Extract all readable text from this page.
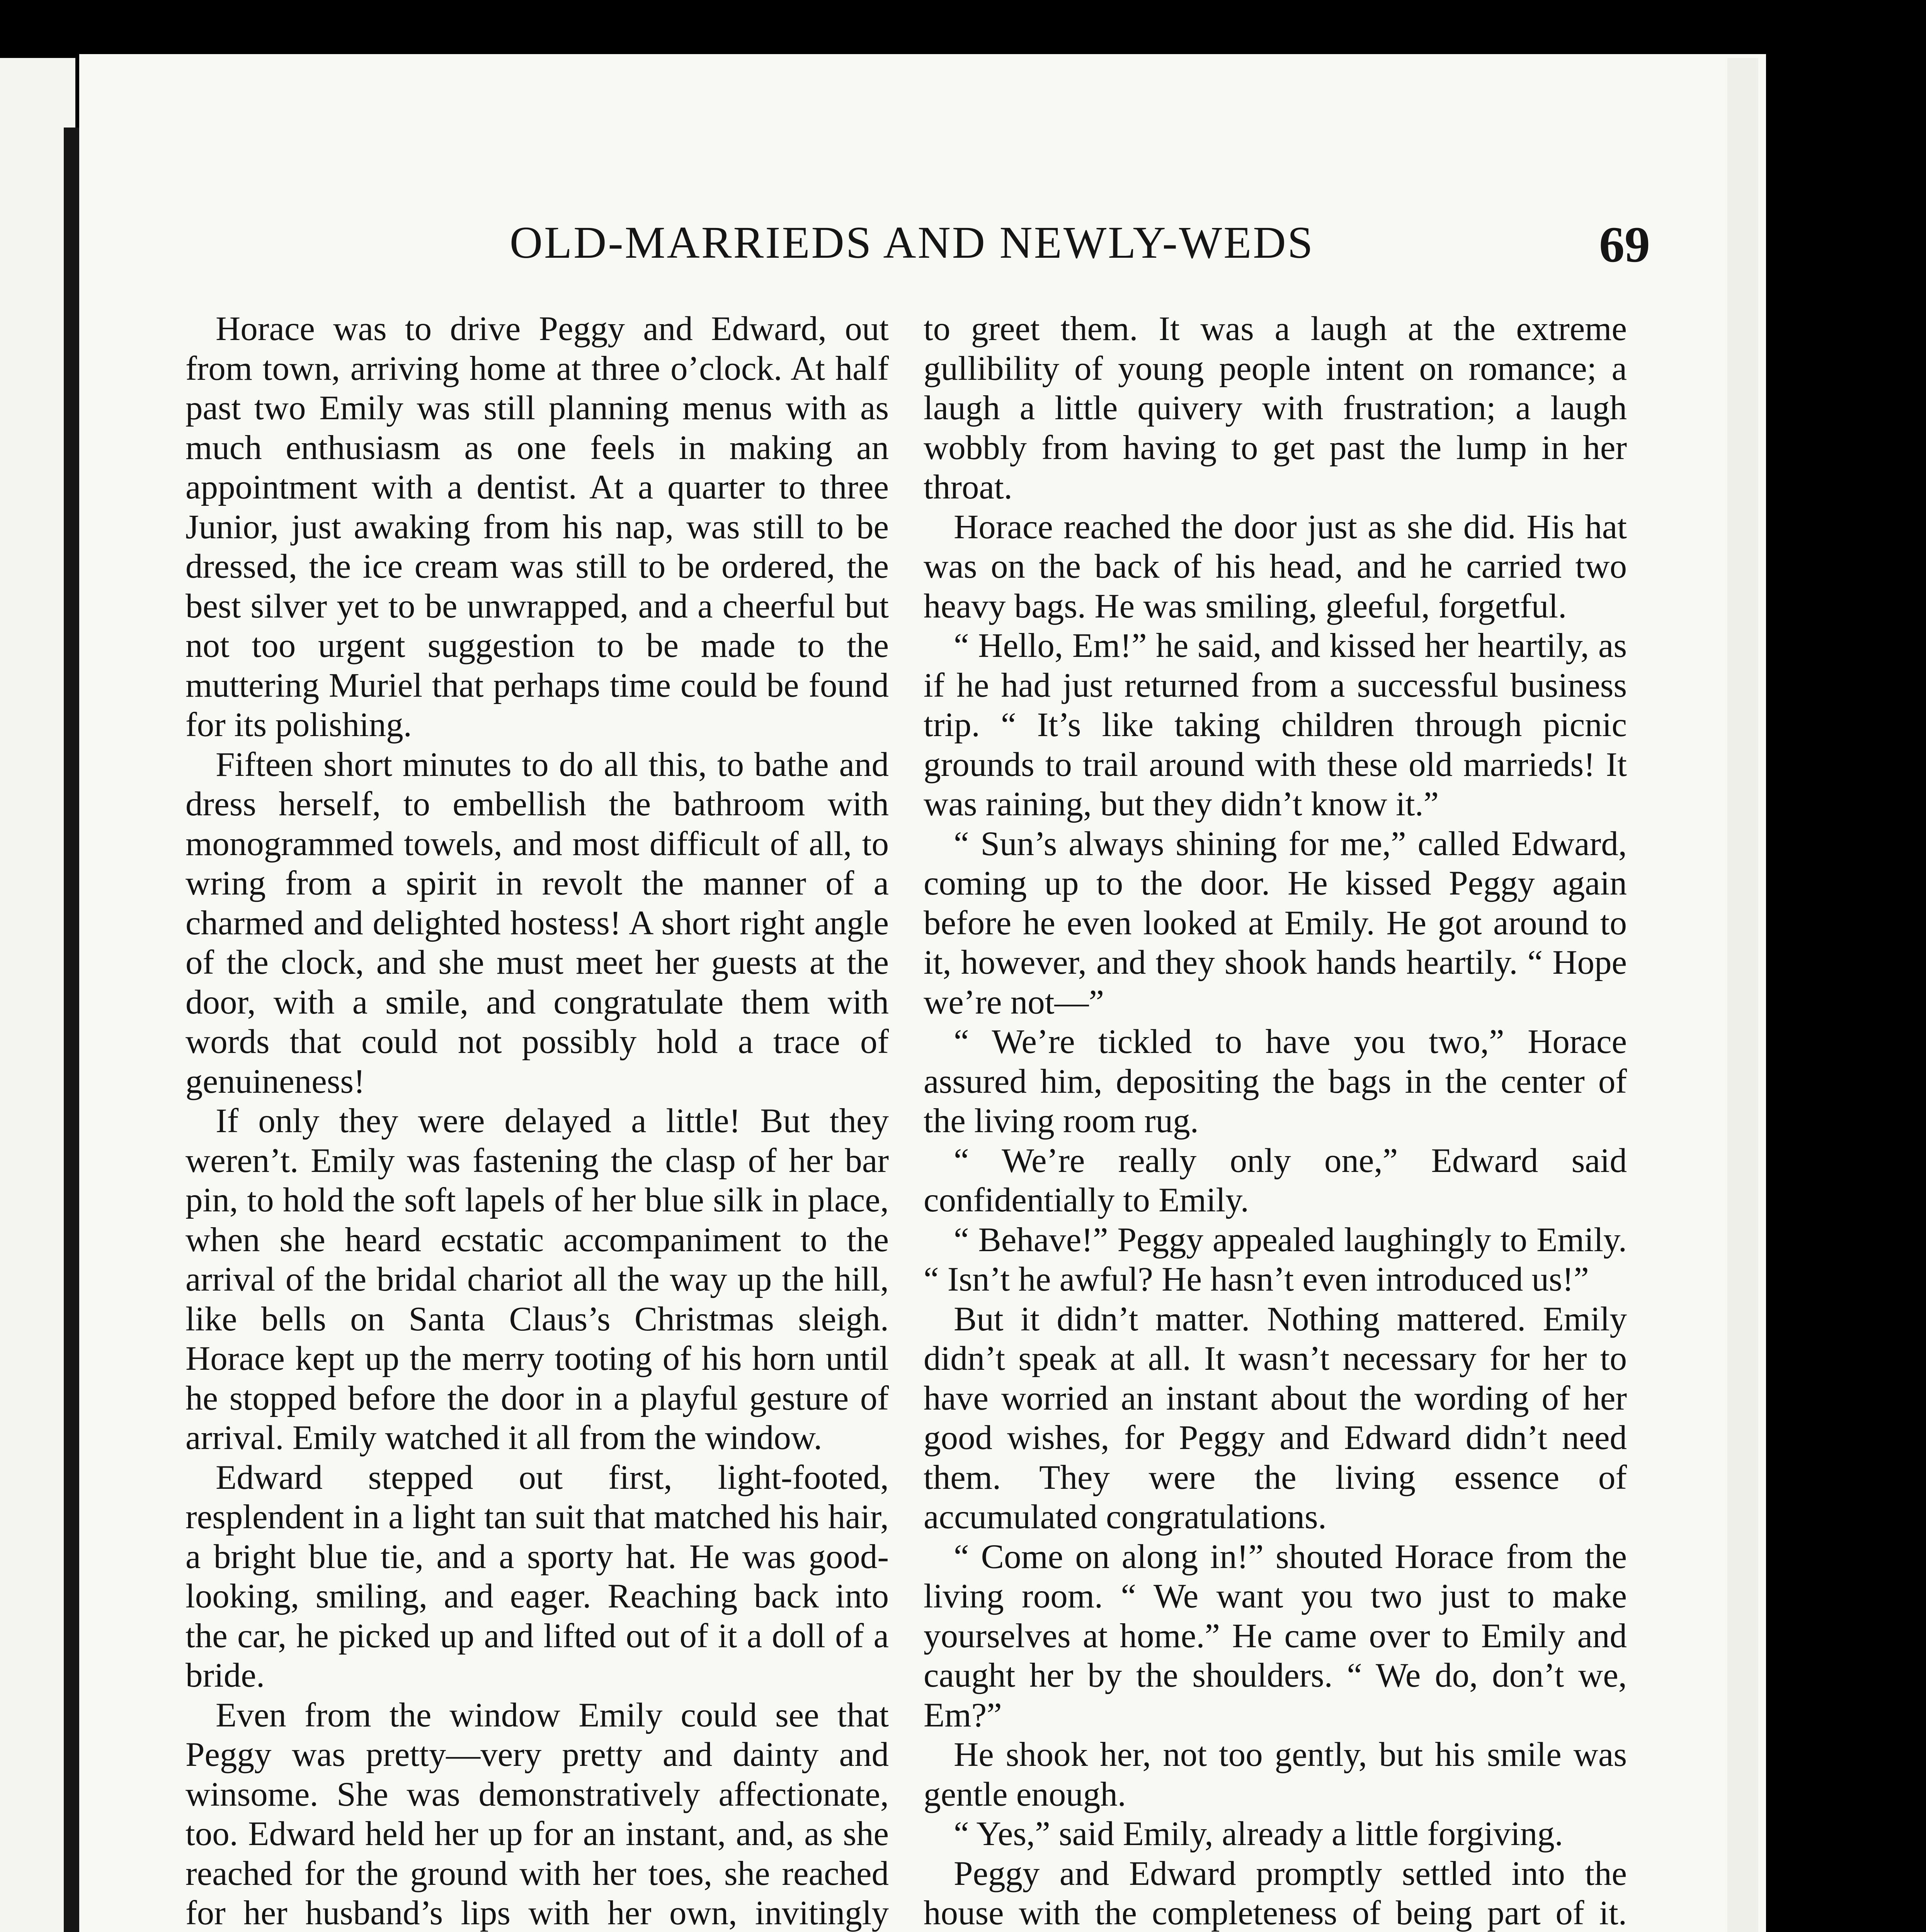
OLD-MARRIEDS AND NEWLY-WEDS	69

Horace was to drive Peggy and Edward, out from town, arriving home at three o’clock. At half past two Emily was still planning menus with as much enthusiasm as one feels in making an appointment with a dentist. At a quarter to three Junior, just awaking from his nap, was still to be dressed, the ice cream was still to be ordered, the best silver yet to be unwrapped, and a cheerful but not too urgent suggestion to be made to the muttering Muriel that perhaps time could be found for its polishing.

Fifteen short minutes to do all this, to bathe and dress herself, to embellish the bathroom with monogrammed towels, and most difficult of all, to wring from a spirit in revolt the manner of a charmed and delighted hostess! A short right angle of the clock, and she must meet her guests at the door, with a smile, and congratulate them with words that could not possibly hold a trace of genuineness!

If only they were delayed a little! But they weren’t. Emily was fastening the clasp of her bar pin, to hold the soft lapels of her blue silk in place, when she heard ecstatic accompaniment to the arrival of the bridal chariot all the way up the hill, like bells on Santa Claus’s Christmas sleigh. Horace kept up the merry tooting of his horn until he stopped before the door in a playful gesture of arrival. Emily watched it all from the window.

Edward stepped out first, light-footed, resplendent in a light tan suit that matched his hair, a bright blue tie, and a sporty hat. He was good-looking, smiling, and eager. Reaching back into the car, he picked up and lifted out of it a doll of a bride.

Even from the window Emily could see that Peggy was pretty—very pretty and dainty and winsome. She was demonstratively affectionate, too. Edward held her up for an instant, and, as she reached for the ground with her toes, she reached for her husband’s lips with her own, invitingly

to greet them. It was a laugh at the extreme gullibility of young people intent on romance; a laugh a little quivery with frustration; a laugh wobbly from having to get past the lump in her throat.

Horace reached the door just as she did. His hat was on the back of his head, and he carried two heavy bags. He was smiling, gleeful, forgetful.

“ Hello, Em!” he said, and kissed her heartily, as if he had just returned from a successful business trip. “ It’s like taking children through picnic grounds to trail around with these old marrieds! It was raining, but they didn’t know it.”

“ Sun’s always shining for me,” called Edward, coming up to the door. He kissed Peggy again before he even looked at Emily. He got around to it, however, and they shook hands heartily. “ Hope we’re not—”

“ We’re tickled to have you two,” Horace assured him, depositing the bags in the center of the living room rug.

“ We’re really only one,” Edward said confidentially to Emily.

“ Behave!” Peggy appealed laughingly to Emily. “ Isn’t he awful? He hasn’t even introduced us!”

But it didn’t matter. Nothing mattered. Emily didn’t speak at all. It wasn’t necessary for her to have worried an instant about the wording of her good wishes, for Peggy and Edward didn’t need them. They were the living essence of accumulated congratulations.

“ Come on along in!” shouted Horace from the living room. “ We want you two just to make yourselves at home.” He came over to Emily and caught her by the shoulders. “ We do, don’t we, Em?”

He shook her, not too gently, but his smile was gentle enough.

“ Yes,” said Emily, already a little forgiving.

Peggy and Edward promptly settled into the house with the completeness of being part of it.
